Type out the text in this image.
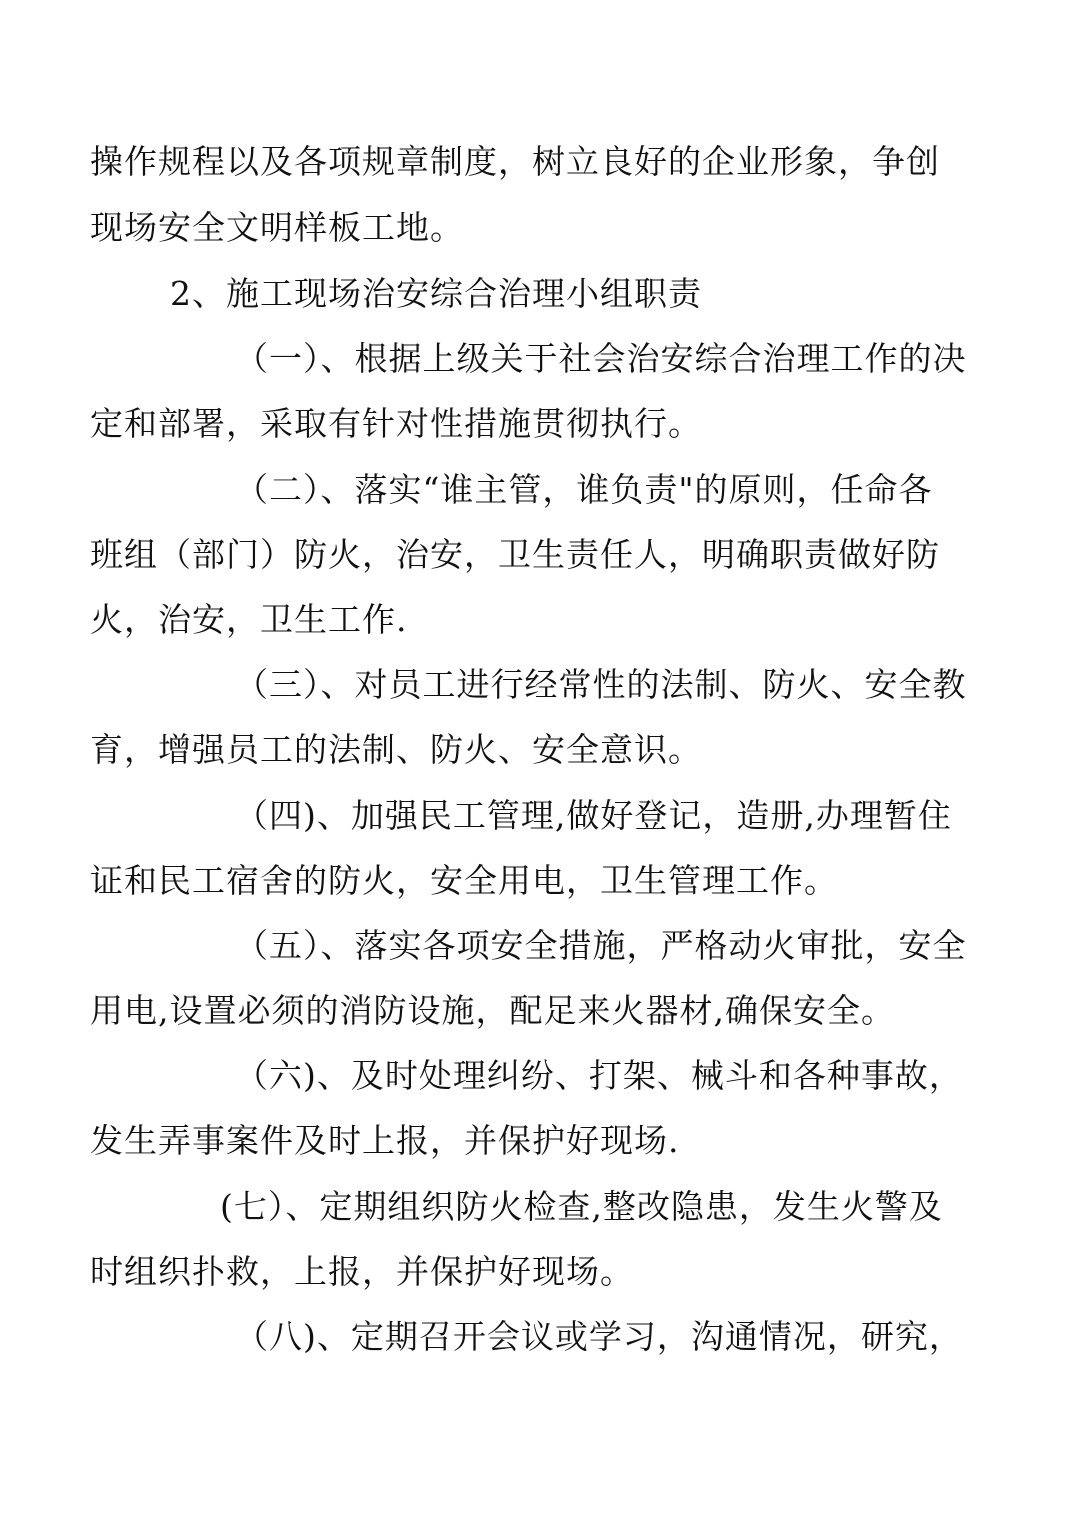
操作规程以及各项规章制度，树立良好的企业形象，争创
现场安全文明样板工地。
2、施工现场治安综合治理小组职责
（一）、根据上级关于社会治安综合治理工作的决
定和部署，采取有针对性措施贯彻执行。
（二）、落实“谁主管，谁负责"的原则，任命各
班组（部门）防火，治安，卫生责任人，明确职责做好防
火，治安，卫生工作.
（三）、对员工进行经常性的法制、防火、安全教
育，增强员工的法制、防火、安全意识。
（四)、加强民工管理,做好登记，造册,办理暂住
证和民工宿舍的防火，安全用电，卫生管理工作。
（五）、落实各项安全措施，严格动火审批，安全
用电,设置必须的消防设施，配足来火器材,确保安全。
（六)、及时处理纠纷、打架、械斗和各种事故，
发生弄事案件及时上报，并保护好现场.
(七）、定期组织防火检查,整改隐患，发生火警及
时组织扑救，上报，并保护好现场。
（八)、定期召开会议或学习，沟通情况，研究，
